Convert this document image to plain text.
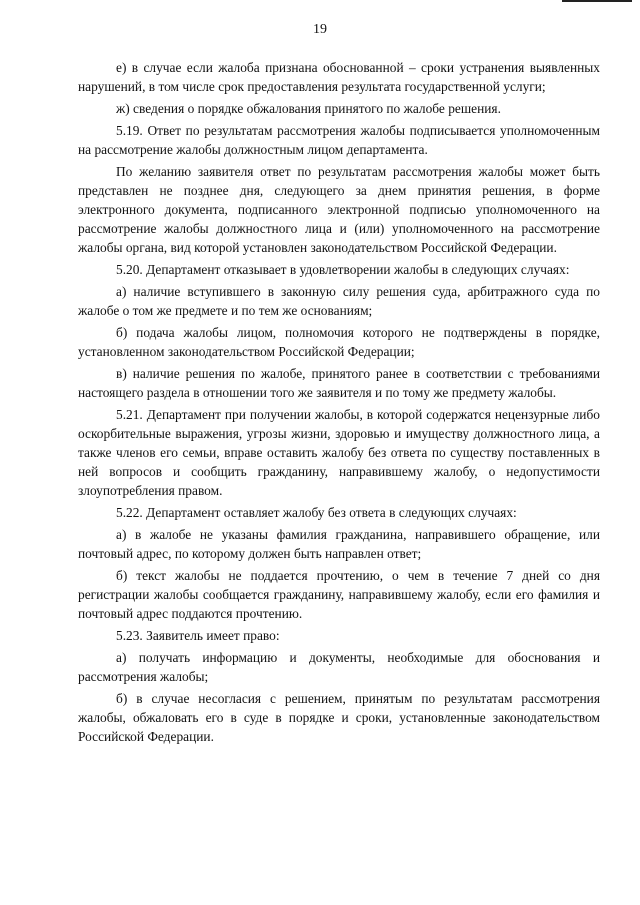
19

е) в случае если жалоба признана обоснованной – сроки устранения выявленных нарушений, в том числе срок предоставления результата государственной услуги;

ж) сведения о порядке обжалования принятого по жалобе решения.

5.19. Ответ по результатам рассмотрения жалобы подписывается уполномоченным на рассмотрение жалобы должностным лицом департамента.

По желанию заявителя ответ по результатам рассмотрения жалобы может быть представлен не позднее дня, следующего за днем принятия решения, в форме электронного документа, подписанного электронной подписью уполномоченного на рассмотрение жалобы должностного лица и (или) уполномоченного на рассмотрение жалобы органа, вид которой установлен законодательством Российской Федерации.

5.20. Департамент отказывает в удовлетворении жалобы в следующих случаях:

а) наличие вступившего в законную силу решения суда, арбитражного суда по жалобе о том же предмете и по тем же основаниям;

б) подача жалобы лицом, полномочия которого не подтверждены в порядке, установленном законодательством Российской Федерации;

в) наличие решения по жалобе, принятого ранее в соответствии с требованиями настоящего раздела в отношении того же заявителя и по тому же предмету жалобы.

5.21. Департамент при получении жалобы, в которой содержатся нецензурные либо оскорбительные выражения, угрозы жизни, здоровью и имуществу должностного лица, а также членов его семьи, вправе оставить жалобу без ответа по существу поставленных в ней вопросов и сообщить гражданину, направившему жалобу, о недопустимости злоупотребления правом.

5.22. Департамент оставляет жалобу без ответа в следующих случаях:

а) в жалобе не указаны фамилия гражданина, направившего обращение, или почтовый адрес, по которому должен быть направлен ответ;

б) текст жалобы не поддается прочтению, о чем в течение 7 дней со дня регистрации жалобы сообщается гражданину, направившему жалобу, если его фамилия и почтовый адрес поддаются прочтению.

5.23. Заявитель имеет право:

а) получать информацию и документы, необходимые для обоснования и рассмотрения жалобы;

б) в случае несогласия с решением, принятым по результатам рассмотрения жалобы, обжаловать его в суде в порядке и сроки, установленные законодательством Российской Федерации.
